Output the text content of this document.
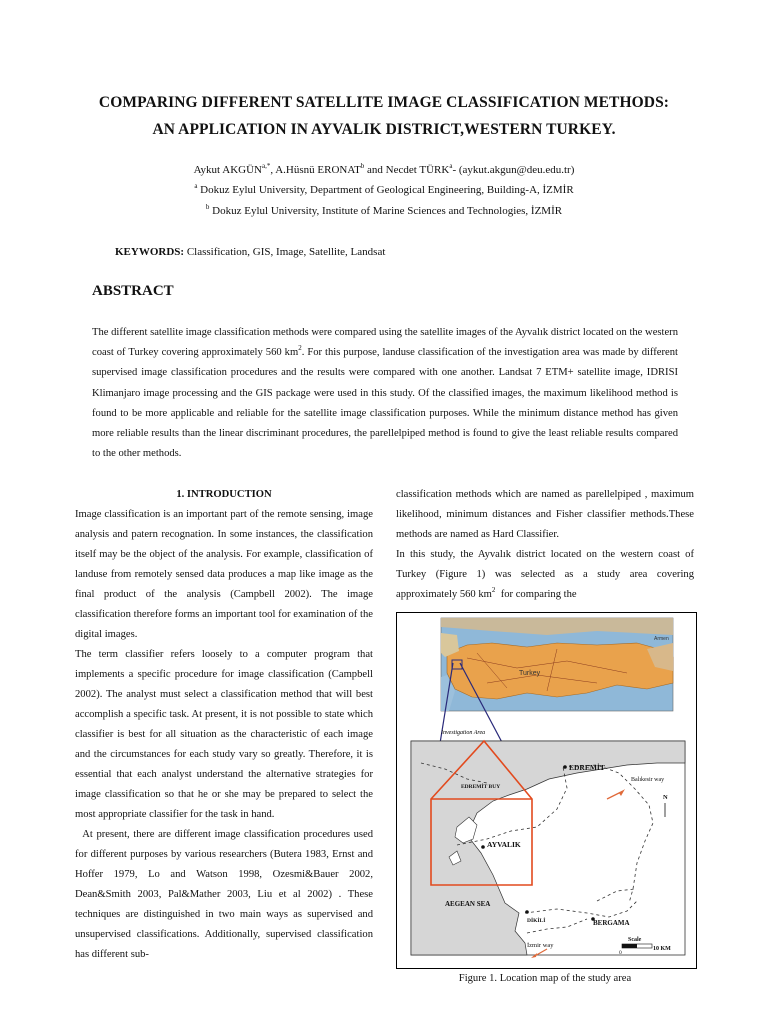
COMPARING DIFFERENT SATELLITE IMAGE CLASSIFICATION METHODS:
AN APPLICATION IN AYVALIK DISTRICT,WESTERN TURKEY.
Aykut $AKGÜN^{a,*}$, A.Hüsnü ERONAT$^b$ and Necdet TÜRK$^a$- (aykut.akgun@deu.edu.tr)
$^a$ Dokuz Eylul University, Department of Geological Engineering, Building-A, İZMİR
$^b$ Dokuz Eylul University, Institute of Marine Sciences and Technologies, İZMİR
KEYWORDS: Classification, GIS, Image, Satellite, Landsat
ABSTRACT
The different satellite image classification methods were compared using the satellite images of the Ayvalık district located on the western coast of Turkey covering approximately 560 $km^2$. For this purpose, landuse classification of the investigation area was made by different supervised image classification procedures and the results were compared with one another. Landsat 7 ETM+ satellite image, IDRISI Klimanjaro image processing and the GIS package were used in this study. Of the classified images, the maximum likelihood method is found to be more applicable and reliable for the satellite image classification purposes. While the minimum distance method has given more reliable results than the linear discriminant procedures, the parellelpiped method is found to give the least reliable results compared to the other methods.
1. INTRODUCTION

Image classification is an important part of the remote sensing, image analysis and patern recognation. In some instances, the classification itself may be the object of the analysis. For example, classification of landuse from remotely sensed data produces a map like image as the final product of the analysis (Campbell 2002). The image classification therefore forms an important tool for examination of the digital images.

The term classifier refers loosely to a computer program that implements a specific procedure for image classification (Campbell 2002). The analyst must select a classification method that will best accomplish a specific task. At present, it is not possible to state which classifier is best for all situation as the characteristic of each image and the circumstances for each study vary so greatly. Therefore, it is essential that each analyst understand the alternative strategies for image classification so that he or she may be prepared to select the most appropriate classifier for the task in hand.

At present, there are different image classification procedures used for different purposes by various researchers (Butera 1983, Ernst and Hoffer 1979, Lo and Watson 1998, Ozesmi&Bauer 2002, Dean&Smith 2003, Pal&Mather 2003, Liu et al 2002) . These techniques are distinguished in two main ways as supervised and unsupervised classifications. Additionally, supervised classification has different sub-

classification methods which are named as parellelpiped , maximum likelihood, minimum distances and Fisher classifier methods.These methods are named as Hard Classifier.

In this study, the Ayvalık district located on the western coast of Turkey (Figure 1) was selected as a study area covering approximately 560 $km^2$  for comparing the

Turkey
Armen
Investigation Area
EDREMİT
EDREMİT BUY
Balıkesir way
N
AYVALIK
AEGEAN SEA
DİKİLİ	BERGAMA
İzmir way
Scale
0
10 KM
Figure 1. Location map of the study area
